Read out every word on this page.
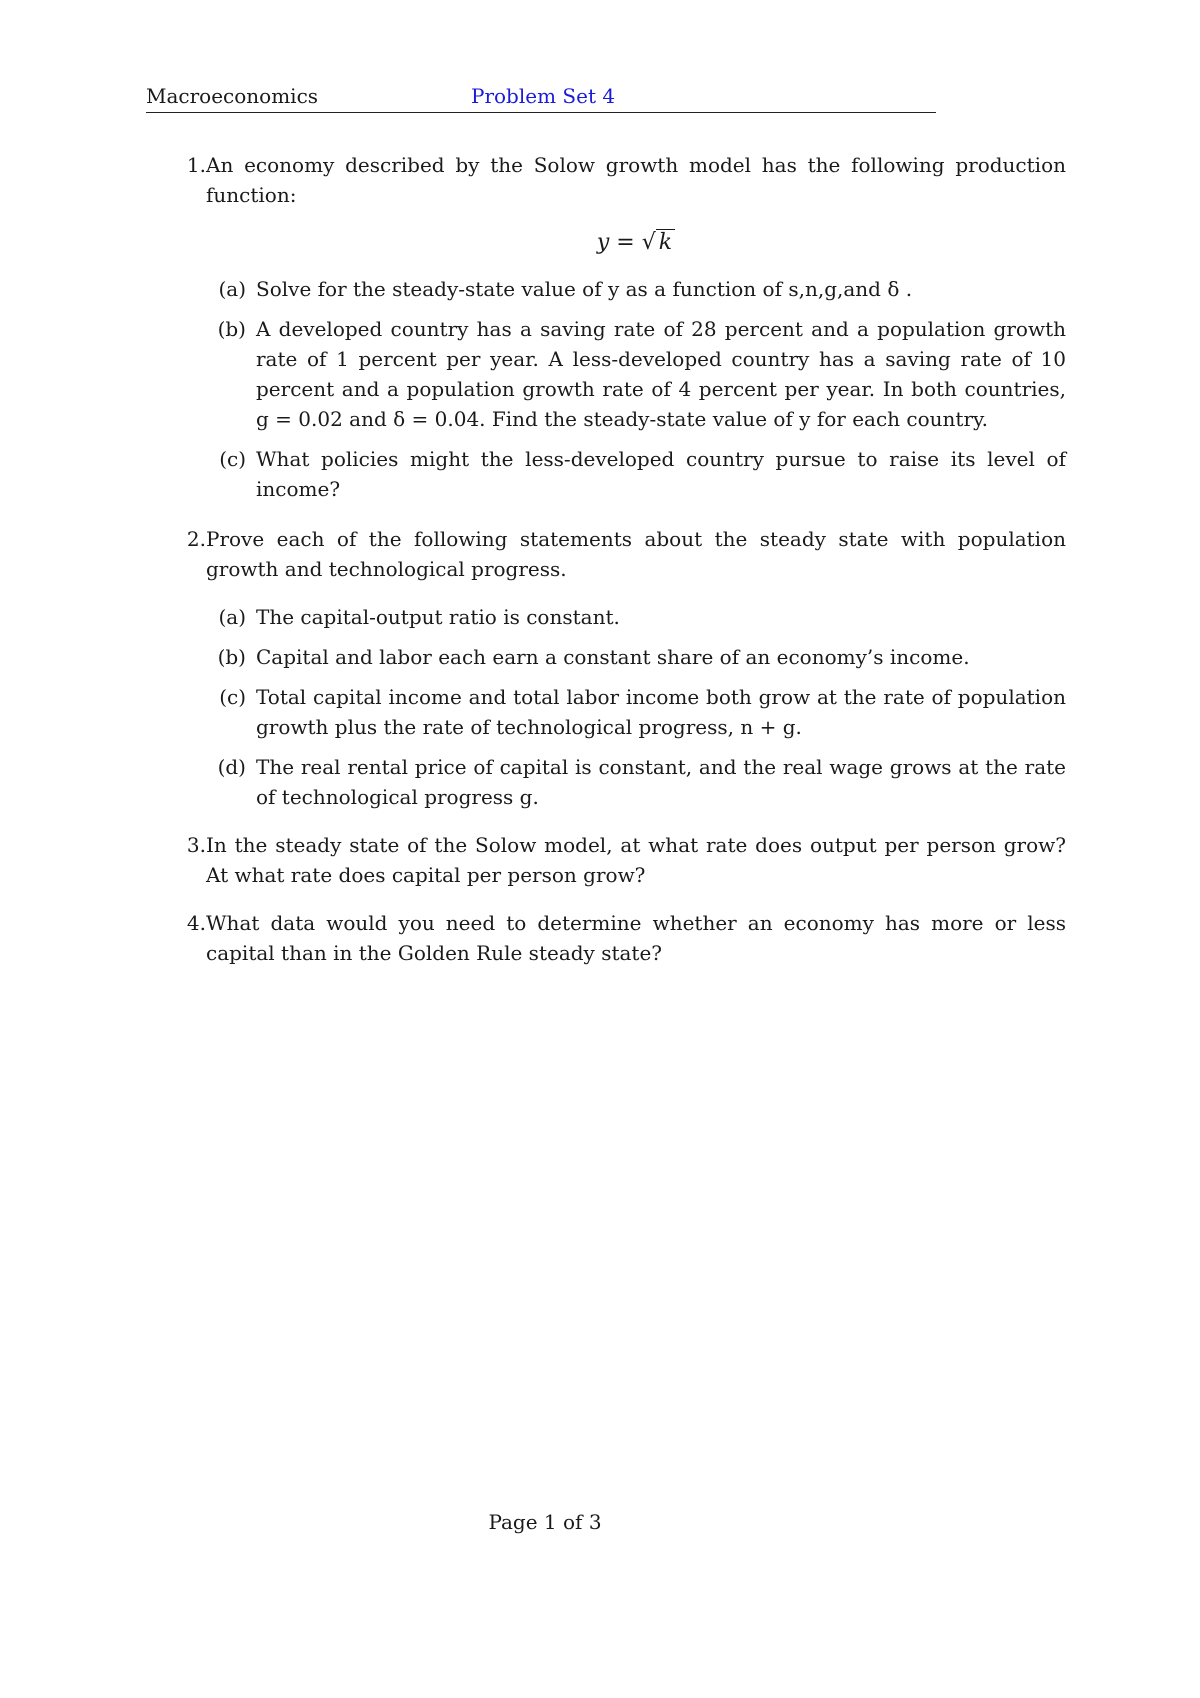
Macroeconomics	Problem Set 4
1. An economy described by the Solow growth model has the following production function:
y = √ k
(a) Solve for the steady-state value of y as a function of s,n,g,and δ .
(b) A developed country has a saving rate of 28 percent and a population growth rate of 1 percent per year. A less-developed country has a saving rate of 10 percent and a population growth rate of 4 percent per year. In both countries, g = 0.02 and δ = 0.04. Find the steady-state value of y for each country.
(c) What policies might the less-developed country pursue to raise its level of income?
2. Prove each of the following statements about the steady state with population growth and technological progress.
(a) The capital-output ratio is constant.
(b) Capital and labor each earn a constant share of an economy’s income.
(c) Total capital income and total labor income both grow at the rate of population growth plus the rate of technological progress, n + g.
(d) The real rental price of capital is constant, and the real wage grows at the rate of technological progress g.
3. In the steady state of the Solow model, at what rate does output per person grow? At what rate does capital per person grow?
4. What data would you need to determine whether an economy has more or less capital than in the Golden Rule steady state?
Page 1 of 3
